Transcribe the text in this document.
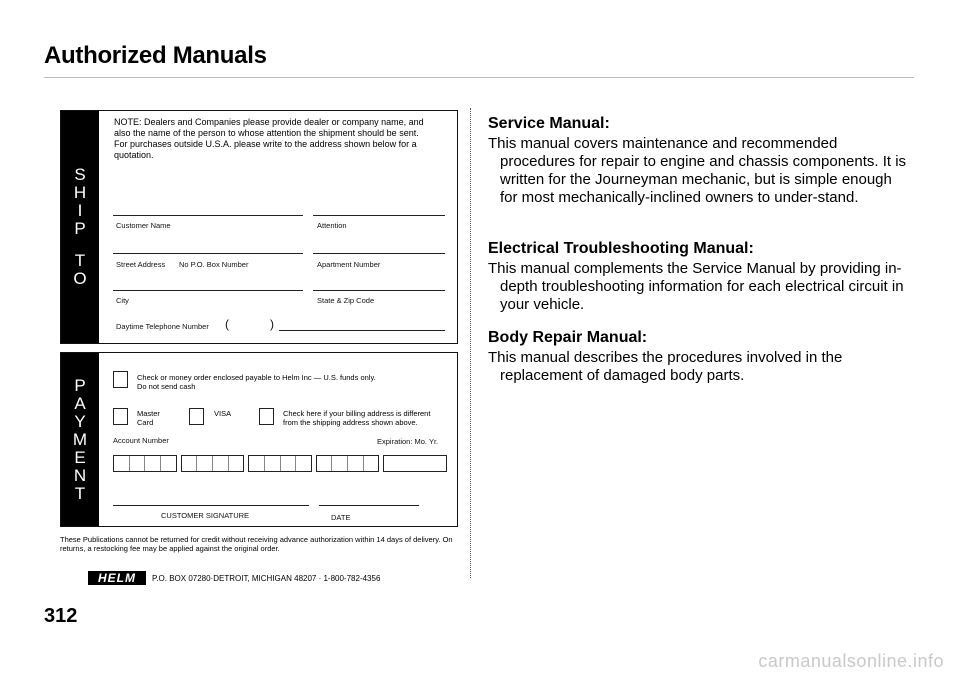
Authorized Manuals
S
H
I
P
T
O
NOTE: Dealers and Companies please provide dealer or company name, and also the name of the person to whose attention the shipment should be sent. For purchases outside U.S.A. please write to the address shown below for a quotation.
Customer Name	Attention
Street Address No P.O. Box Number	Apartment Number
City	State & Zip Code
Daytime Telephone Number (	)
P
A
Y
M
E
N
T
Check or money order enclosed payable to Helm Inc — U.S. funds only.
Do not send cash
Master
Card
VISA	Check here if your billing address is different
from the shipping address shown above.
Account Number	Expiration: Mo. Yr.
CUSTOMER SIGNATURE	DATE
These Publications cannot be returned for credit without receiving advance authorization within 14 days of delivery. On returns, a restocking fee may be applied against the original order.
HELM	P.O. BOX 07280·DETROIT, MICHIGAN 48207 · 1-800-782-4356
312
Service Manual:

This manual covers maintenance and recommended procedures for repair to engine and chassis components. It is written for the Journeyman mechanic, but is simple enough for most mechanically-inclined owners to under-stand.

Electrical Troubleshooting Manual:

This manual complements the Service Manual by providing in-depth troubleshooting information for each electrical circuit in your vehicle.

Body Repair Manual:

This manual describes the procedures involved in the replacement of damaged body parts.

carmanualsonline.info
